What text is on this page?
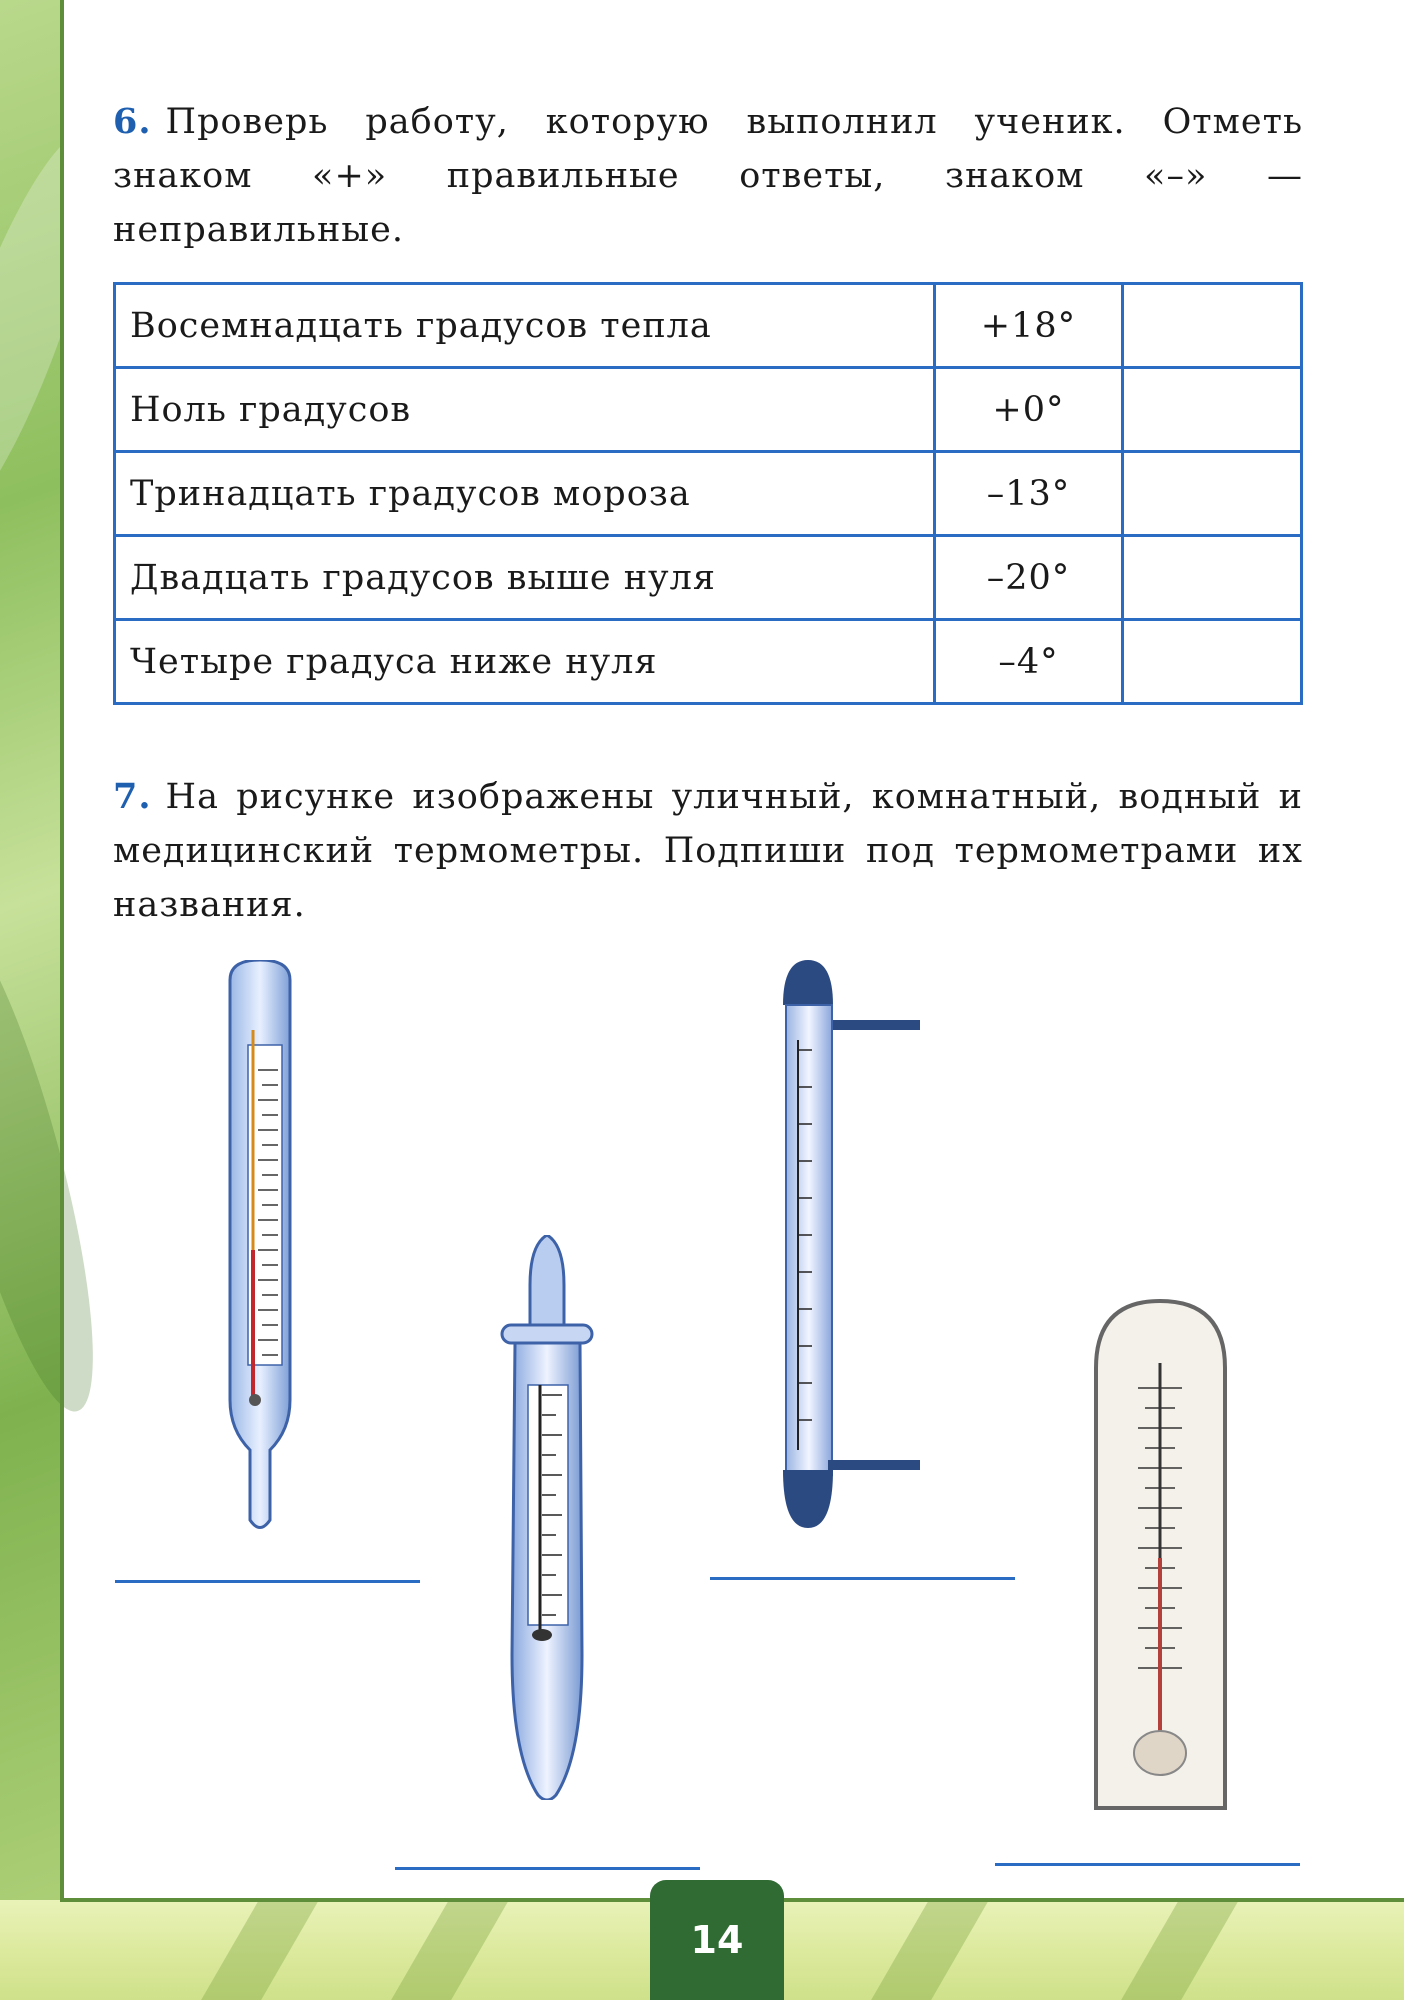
14
6. Проверь работу, которую выполнил ученик. Отметь знаком «+» правильные ответы, знаком «–» — неправильные.
Восемнадцать градусов тепла	+18°	
Ноль градусов	+0°	
Тринадцать градусов мороза	–13°	
Двадцать градусов выше нуля	–20°	
Четыре градуса ниже нуля	–4°	
7. На рисунке изображены уличный, комнатный, водный и медицинский термометры. Подпиши под термометрами их названия.
